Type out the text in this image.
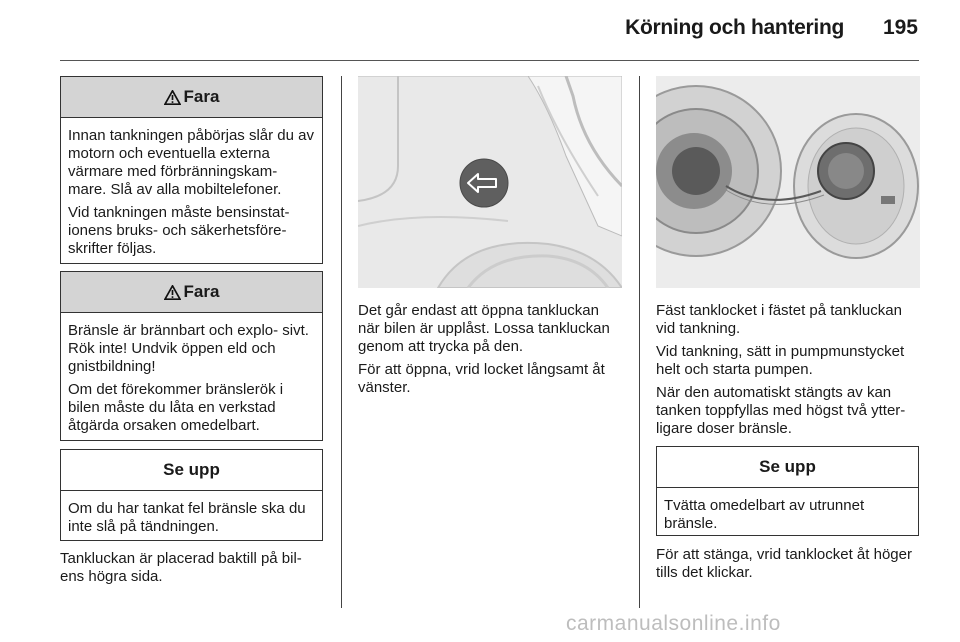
Körning och hantering	195
Fara

Innan tankningen påbörjas slår du av motorn och eventuella externa värmare med förbränningskam- mare. Slå av alla mobiltelefoner.

Vid tankningen måste bensinstat- ionens bruks- och säkerhetsföre- skrifter följas.

Fara

Bränsle är brännbart och explo- sivt. Rök inte! Undvik öppen eld och gnistbildning!

Om det förekommer bränslerök i bilen måste du låta en verkstad åtgärda orsaken omedelbart.

Se upp

Om du har tankat fel bränsle ska du inte slå på tändningen.

Tankluckan är placerad baktill på bil- ens högra sida.

Det går endast att öppna tankluckan när bilen är upplåst. Lossa tankluckan genom att trycka på den.

För att öppna, vrid locket långsamt åt vänster.

Fäst tanklocket i fästet på tankluckan vid tankning.

Vid tankning, sätt in pumpmunstycket helt och starta pumpen.

När den automatiskt stängts av kan tanken toppfyllas med högst två ytter- ligare doser bränsle.

Se upp

Tvätta omedelbart av utrunnet bränsle.

För att stänga, vrid tanklocket åt höger tills det klickar.

carmanualsonline.info
